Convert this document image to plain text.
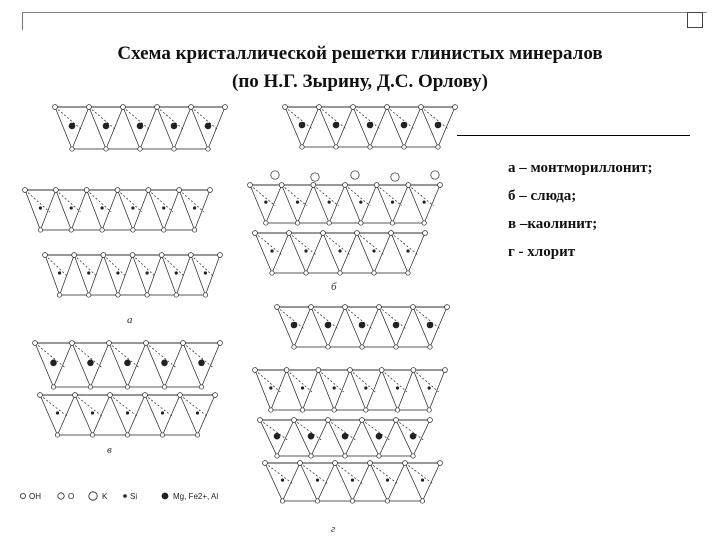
Схема кристаллической решетки глинистых минералов
(по Н.Г. Зырину, Д.С. Орлову)
а
б
в
г
OH	O	K	Si	Mg, Fe2+, Al
а – монтмориллонит;
б – слюда;
в –каолинит;
г - хлорит
